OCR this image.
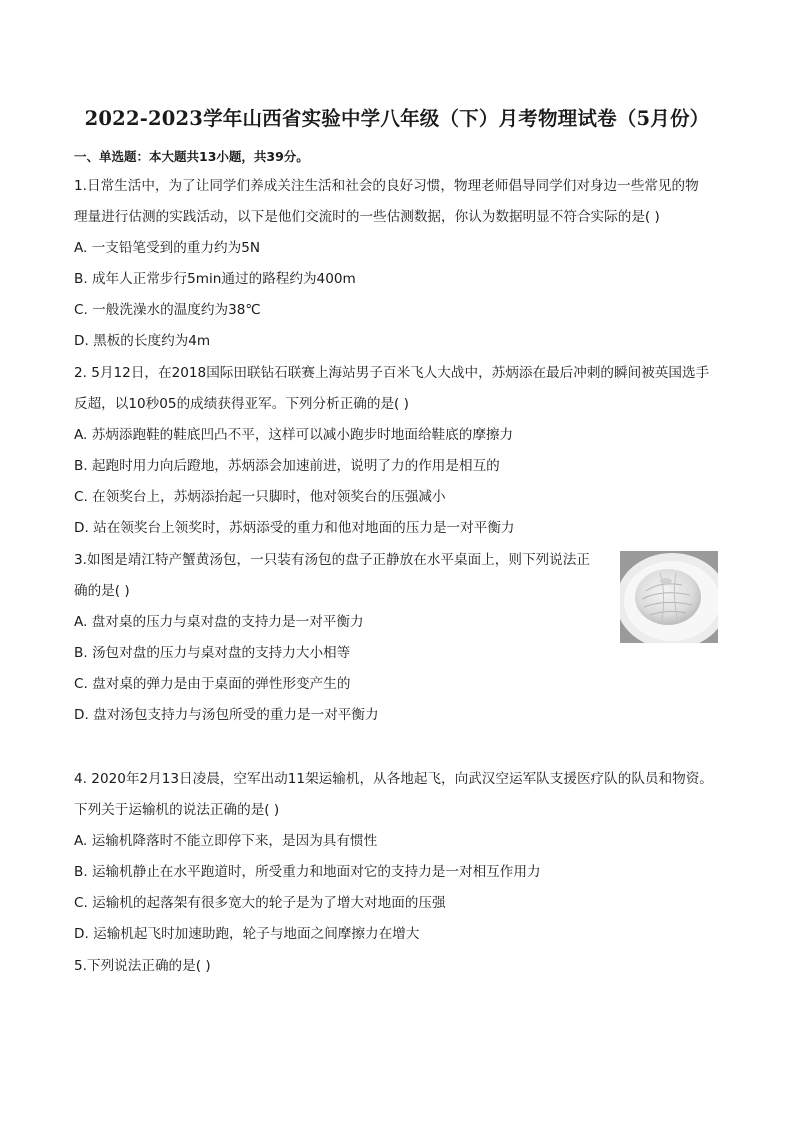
2022-2023学年山西省实验中学八年级（下）月考物理试卷（5月份）
一、单选题：本大题共13小题，共39分。
1.日常生活中，为了让同学们养成关注生活和社会的良好习惯，物理老师倡导同学们对身边一些常见的物
理量进行估测的实践活动，以下是他们交流时的一些估测数据，你认为数据明显不符合实际的是( )
A. 一支铅笔受到的重力约为5N
B. 成年人正常步行5min通过的路程约为400m
C. 一般洗澡水的温度约为38℃
D. 黑板的长度约为4m
2. 5月12日，在2018国际田联钻石联赛上海站男子百米飞人大战中，苏炳添在最后冲刺的瞬间被英国选手
反超，以10秒05的成绩获得亚军。下列分析正确的是( )
A. 苏炳添跑鞋的鞋底凹凸不平，这样可以减小跑步时地面给鞋底的摩擦力
B. 起跑时用力向后蹬地，苏炳添会加速前进，说明了力的作用是相互的
C. 在领奖台上，苏炳添抬起一只脚时，他对领奖台的压强减小
D. 站在领奖台上领奖时，苏炳添受的重力和他对地面的压力是一对平衡力
3.如图是靖江特产蟹黄汤包，一只装有汤包的盘子正静放在水平桌面上，则下列说法正
确的是( )
A. 盘对桌的压力与桌对盘的支持力是一对平衡力
B. 汤包对盘的压力与桌对盘的支持力大小相等
C. 盘对桌的弹力是由于桌面的弹性形变产生的
D. 盘对汤包支持力与汤包所受的重力是一对平衡力
4. 2020年2月13日凌晨，空军出动11架运输机，从各地起飞，向武汉空运军队支援医疗队的队员和物资。
下列关于运输机的说法正确的是( )
A. 运输机降落时不能立即停下来，是因为具有惯性
B. 运输机静止在水平跑道时，所受重力和地面对它的支持力是一对相互作用力
C. 运输机的起落架有很多宽大的轮子是为了增大对地面的压强
D. 运输机起飞时加速助跑，轮子与地面之间摩擦力在增大
5.下列说法正确的是( )
